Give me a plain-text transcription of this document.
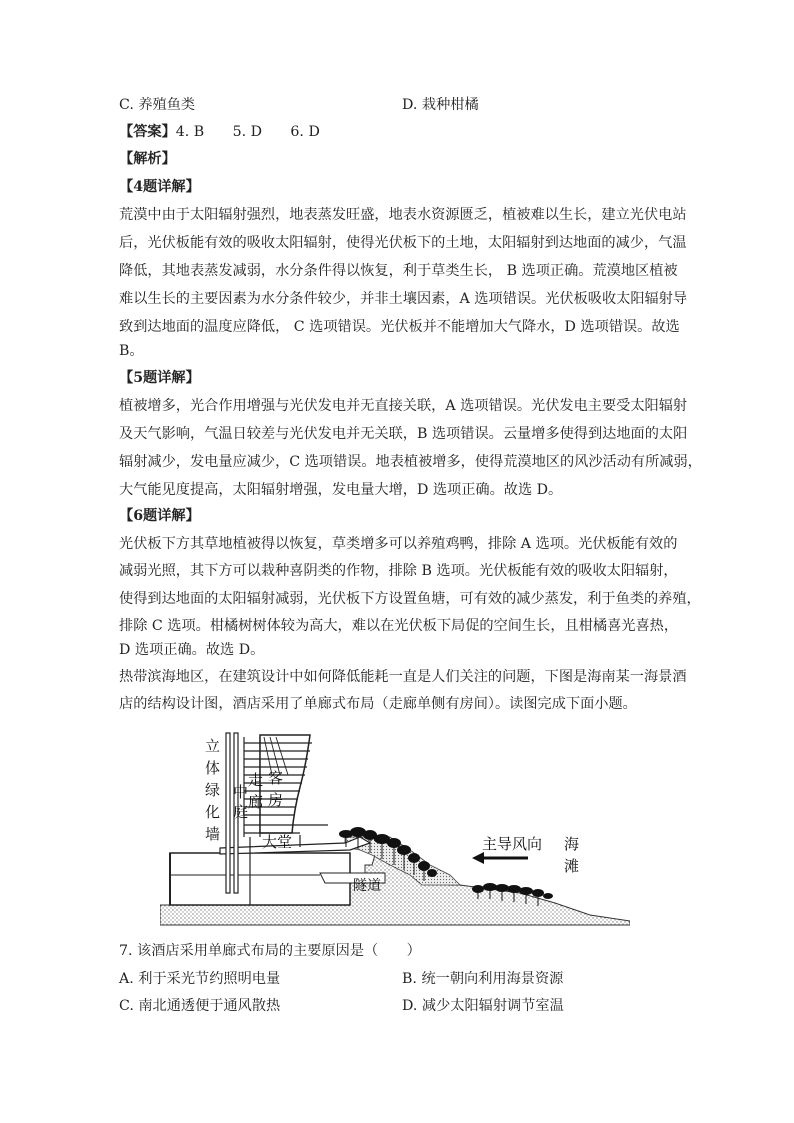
C. 养殖鱼类	D. 栽种柑橘
【答案】4. B　　5. D　　6. D
【解析】
【4题详解】
荒漠中由于太阳辐射强烈，地表蒸发旺盛，地表水资源匮乏，植被难以生长，建立光伏电站
后，光伏板能有效的吸收太阳辐射，使得光伏板下的土地，太阳辐射到达地面的减少，气温
降低，其地表蒸发减弱，水分条件得以恢复，利于草类生长， B 选项正确。荒漠地区植被
难以生长的主要因素为水分条件较少，并非土壤因素，A 选项错误。光伏板吸收太阳辐射导
致到达地面的温度应降低， C 选项错误。光伏板并不能增加大气降水，D 选项错误。故选
B。
【5题详解】
植被增多，光合作用增强与光伏发电并无直接关联，A 选项错误。光伏发电主要受太阳辐射
及天气影响，气温日较差与光伏发电并无关联，B 选项错误。云量增多使得到达地面的太阳
辐射减少，发电量应减少，C 选项错误。地表植被增多，使得荒漠地区的风沙活动有所减弱，
大气能见度提高，太阳辐射增强，发电量大增，D 选项正确。故选 D。
【6题详解】
光伏板下方其草地植被得以恢复，草类增多可以养殖鸡鸭，排除 A 选项。光伏板能有效的
减弱光照，其下方可以栽种喜阴类的作物，排除 B 选项。光伏板能有效的吸收太阳辐射，
使得到达地面的太阳辐射减弱，光伏板下方设置鱼塘，可有效的减少蒸发，利于鱼类的养殖，
排除 C 选项。柑橘树树体较为高大，难以在光伏板下局促的空间生长，且柑橘喜光喜热，
D 选项正确。故选 D。
热带滨海地区，在建筑设计中如何降低能耗一直是人们关注的问题，下图是海南某一海景酒
店的结构设计图，酒店采用了单廊式布局（走廊单侧有房间）。读图完成下面小题。
立
体
绿
化
墙
中
庭
走
廊
客
房
大堂
隧道
主导风向 海
滩
7. 该酒店采用单廊式布局的主要原因是（　　）
A. 利于采光节约照明电量	B. 统一朝向利用海景资源
C. 南北通透便于通风散热	D. 减少太阳辐射调节室温
